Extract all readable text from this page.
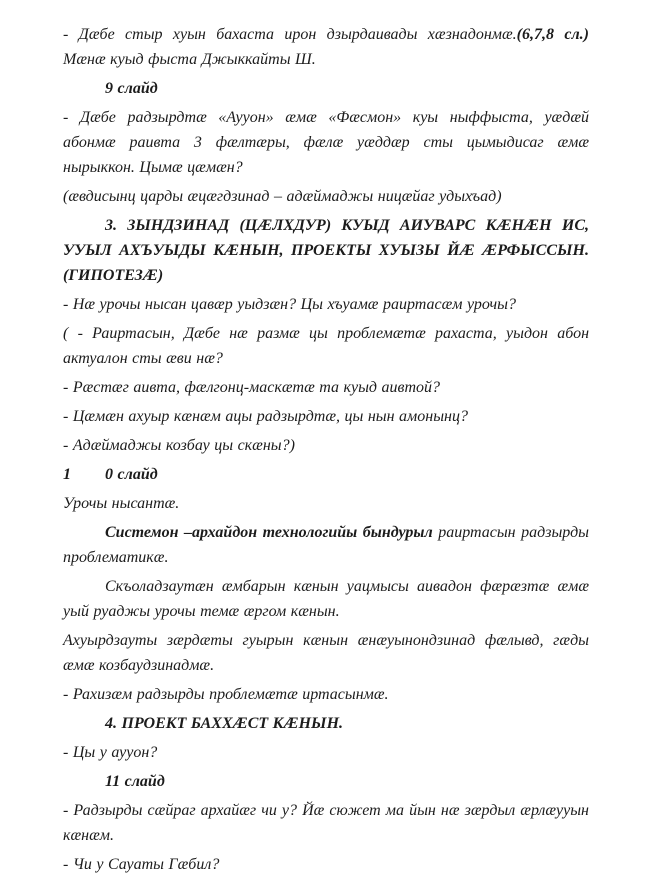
- Дæбе стыр хуын бахаста ирон дзырдаивады хæзнадонмæ.(6,7,8 сл.) Мæнæ куыд фыста Джыккайты Ш.

9 слайд

- Дæбе радзырдтæ «Аууон» æмæ «Фæсмон» куы ныффыста, уæдæй абонмæ раивта 3 фæлтæры, фæлæ уæддæр сты цымыдисаг æмæ нырыккон. Цымæ цæмæн?

(æвдисынц царды æцæгдзинад – адæймаджы ницæйаг удыхъад)

3. ЗЫНДЗИНАД (ЦÆЛХДУР) КУЫД АИУВАРС КÆНÆН ИС, УУЫЛ АХЪУЫДЫ КÆНЫН, ПРОЕКТЫ ХУЫЗЫ ЙÆ ÆРФЫССЫН. (ГИПОТЕЗÆ)

- Нæ урочы нысан цавæр уыдзæн? Цы хъуамæ раиртасæм урочы?

( - Раиртасын, Дæбе нæ размæ цы проблемæтæ рахаста, уыдон абон актуалон сты æви нæ?

- Рæстæг аивта, фæлгонц-маскæтæ та куыд аивтой?

- Цæмæн ахуыр кæнæм ацы радзырдтæ, цы нын амонынц?

- Адæймаджы козбау цы скæны?)

1 0 слайд

Урочы нысантæ.

Системон –архайдон технологийы бындурыл раиртасын радзырды проблематикæ.

Скъоладзаутæн æмбарын кæнын уацмысы аивадон фæрæзтæ æмæ уый руаджы урочы темæ æргом кæнын.

Ахуырдзауты зæрдæты гуырын кæнын æнæуынондзинад фæлывд, гæды æмæ козбаудзинадмæ.

- Рахизæм радзырды проблемæтæ иртасынмæ.

4. ПРОЕКТ БАХХÆСТ КÆНЫН.

- Цы у аууон?

11 слайд

- Радзырды сæйраг архайæг чи у? Йæ сюжет ма йын нæ зæрдыл æрлæууын кæнæм.

- Чи у Сауаты Гæбил?
